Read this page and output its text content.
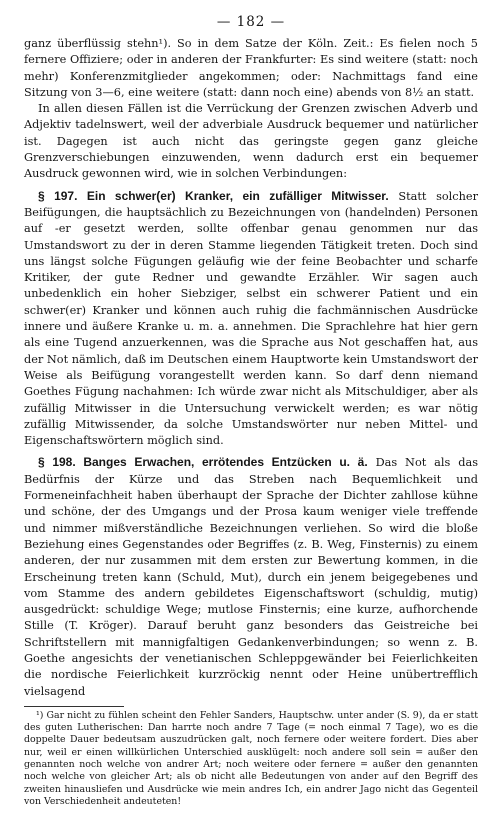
— 182 —

ganz überflüssig stehn¹). So in dem Satze der Köln. Zeit.: Es fielen noch 5 fernere Offiziere; oder in anderen der Frankfurter: Es sind weitere (statt: noch mehr) Konferenzmitglieder angekommen; oder: Nachmittags fand eine Sitzung von 3—6, eine weitere (statt: dann noch eine) abends von 8½ an statt.

In allen diesen Fällen ist die Verrückung der Grenzen zwischen Adverb und Adjektiv tadelnswert, weil der adverbiale Ausdruck bequemer und natürlicher ist. Dagegen ist auch nicht das geringste gegen ganz gleiche Grenzverschiebungen einzuwenden, wenn dadurch erst ein bequemer Ausdruck gewonnen wird, wie in solchen Verbindungen:

§ 197. Ein schwer(er) Kranker, ein zufälliger Mitwisser. Statt solcher Beifügungen, die hauptsächlich zu Bezeichnungen von (handelnden) Personen auf -er gesetzt werden, sollte offenbar genau genommen nur das Umstandswort zu der in deren Stamme liegenden Tätigkeit treten. Doch sind uns längst solche Fügungen geläufig wie der feine Beobachter und scharfe Kritiker, der gute Redner und gewandte Erzähler. Wir sagen auch unbedenklich ein hoher Siebziger, selbst ein schwerer Patient und ein schwer(er) Kranker und können auch ruhig die fachmännischen Ausdrücke innere und äußere Kranke u. m. a. annehmen. Die Sprachlehre hat hier gern als eine Tugend anzuerkennen, was die Sprache aus Not geschaffen hat, aus der Not nämlich, daß im Deutschen einem Hauptworte kein Umstandswort der Weise als Beifügung vorangestellt werden kann. So darf denn niemand Goethes Fügung nachahmen: Ich würde zwar nicht als Mitschuldiger, aber als zufällig Mitwisser in die Untersuchung verwickelt werden; es war nötig zufällig Mitwissender, da solche Umstandswörter nur neben Mittel- und Eigenschaftswörtern möglich sind.

§ 198. Banges Erwachen, errötendes Entzücken u. ä. Das Not als das Bedürfnis der Kürze und das Streben nach Bequemlichkeit und Formeneinfachheit haben überhaupt der Sprache der Dichter zahllose kühne und schöne, der des Umgangs und der Prosa kaum weniger viele treffende und nimmer mißverständliche Bezeichnungen verliehen. So wird die bloße Beziehung eines Gegenstandes oder Begriffes (z. B. Weg, Finsternis) zu einem anderen, der nur zusammen mit dem ersten zur Bewertung kommen, in die Erscheinung treten kann (Schuld, Mut), durch ein jenem beigegebenes und vom Stamme des andern gebildetes Eigenschaftswort (schuldig, mutig) ausgedrückt: schuldige Wege; mutlose Finsternis; eine kurze, aufhorchende Stille (T. Kröger). Darauf beruht ganz besonders das Geistreiche bei Schriftstellern mit mannigfaltigen Gedankenverbindungen; so wenn z. B. Goethe angesichts der venetianischen Schleppgewänder bei Feierlichkeiten die nordische Feierlichkeit kurzröckig nennt oder Heine unübertrefflich vielsagend

¹) Gar nicht zu fühlen scheint den Fehler Sanders, Hauptschw. unter ander (S. 9), da er statt des guten Lutherischen: Dan harrte noch andre 7 Tage (= noch einmal 7 Tage), wo es die doppelte Dauer bedeutsam auszudrücken galt, noch fernere oder weitere fordert. Dies aber nur, weil er einen willkürlichen Unterschied ausklügelt: noch andere soll sein = außer den genannten noch welche von andrer Art; noch weitere oder fernere = außer den genannten noch welche von gleicher Art; als ob nicht alle Bedeutungen von ander auf den Begriff des zweiten hinausliefen und Ausdrücke wie mein andres Ich, ein andrer Jago nicht das Gegenteil von Verschiedenheit andeuteten!
